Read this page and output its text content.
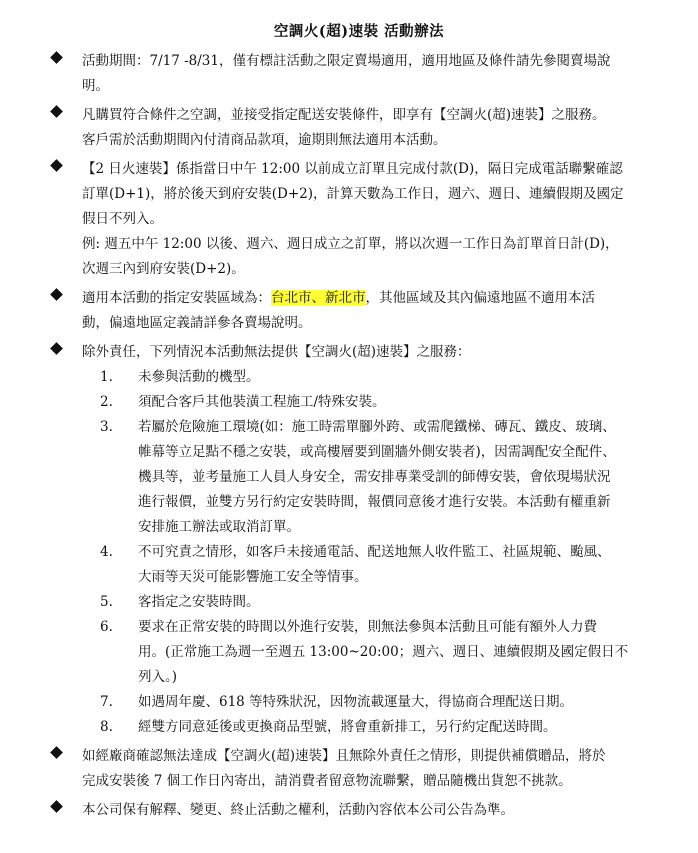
空調火(超)速裝 活動辦法
活動期間：7/17 -8/31，僅有標註活動之限定賣場適用，適用地區及條件請先參閱賣場說
明。
凡購買符合條件之空調，並接受指定配送安裝條件，即享有【空調火(超)速裝】之服務。
客戶需於活動期間內付清商品款項，逾期則無法適用本活動。
【2 日火速裝】係指當日中午 12:00 以前成立訂單且完成付款(D)，隔日完成電話聯繫確認
訂單(D+1)，將於後天到府安裝(D+2)，計算天數為工作日，週六、週日、連續假期及國定
假日不列入。
例: 週五中午 12:00 以後、週六、週日成立之訂單，將以次週一工作日為訂單首日計(D)，
次週三內到府安裝(D+2)。
適用本活動的指定安裝區域為：台北市、新北市，其他區域及其內偏遠地區不適用本活
動，偏遠地區定義請詳參各賣場說明。
除外責任，下列情況本活動無法提供【空調火(超)速裝】之服務：
1. 未參與活動的機型。
2. 須配合客戶其他裝潢工程施工/特殊安裝。
3. 若屬於危險施工環境(如：施工時需單腳外跨、或需爬鐵梯、磚瓦、鐵皮、玻璃、
帷幕等立足點不穩之安裝，或高樓層要到圍牆外側安裝者)，因需調配安全配件、
機具等，並考量施工人員人身安全，需安排專業受訓的師傅安裝，會依現場狀況
進行報價，並雙方另行約定安裝時間，報價同意後才進行安裝。本活動有權重新
安排施工辦法或取消訂單。
4. 不可究責之情形，如客戶未接通電話、配送地無人收件監工、社區規範、颱風、
大雨等天災可能影響施工安全等情事。
5. 客指定之安裝時間。
6. 要求在正常安裝的時間以外進行安裝，則無法參與本活動且可能有額外人力費
用。(正常施工為週一至週五 13:00~20:00；週六、週日、連續假期及國定假日不
列入。)
7. 如遇周年慶、618 等特殊狀況，因物流載運量大，得協商合理配送日期。
8. 經雙方同意延後或更換商品型號，將會重新排工，另行約定配送時間。
如經廠商確認無法達成【空調火(超)速裝】且無除外責任之情形，則提供補償贈品，將於
完成安裝後 7 個工作日內寄出，請消費者留意物流聯繫，贈品隨機出貨恕不挑款。
本公司保有解釋、變更、終止活動之權利，活動內容依本公司公告為準。
